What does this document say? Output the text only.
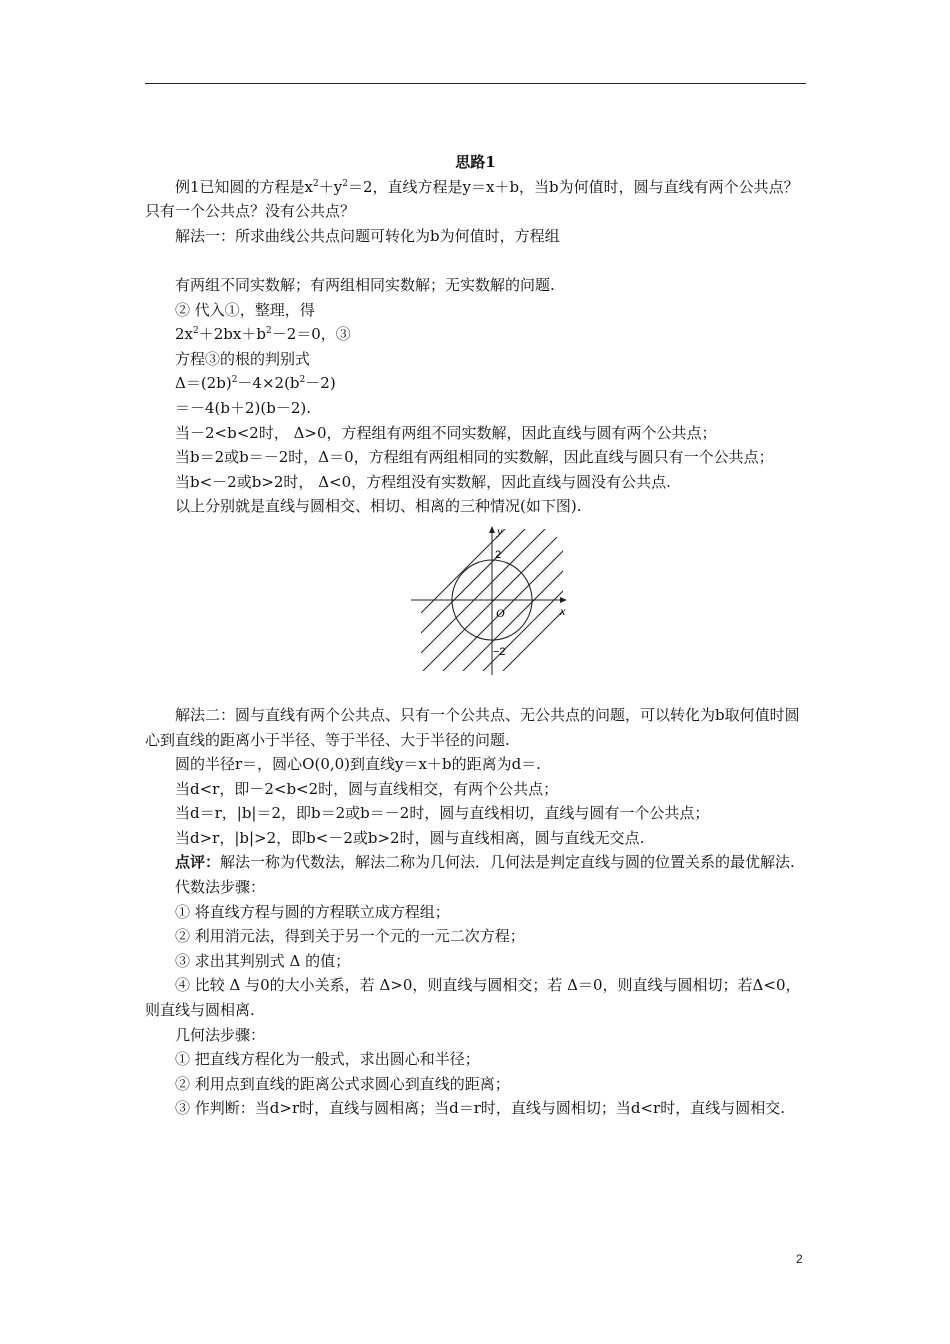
思路1

例1已知圆的方程是$x^2+y^2=2$，直线方程是y＝x＋b，当b为何值时，圆与直线有两个公共点？只有一个公共点？没有公共点？

解法一：所求曲线公共点问题可转化为b为何值时，方程组

有两组不同实数解；有两组相同实数解；无实数解的问题.

② 代入①，整理，得

$2x^2+2bx+b^2-2=0$，③

方程③的根的判别式

$\Delta=(2b)^2-4\times 2(b^2-2)$

＝－4(b＋2)(b－2).

当－2<b<2时， Δ>0，方程组有两组不同实数解，因此直线与圆有两个公共点；

当b＝2或b＝－2时，Δ＝0，方程组有两组相同的实数解，因此直线与圆只有一个公共点；

当b<－2或b>2时， Δ<0，方程组没有实数解，因此直线与圆没有公共点.

以上分别就是直线与圆相交、相切、相离的三种情况(如下图).

y
x
O
2
−2

解法二：圆与直线有两个公共点、只有一个公共点、无公共点的问题，可以转化为b取何值时圆心到直线的距离小于半径、等于半径、大于半径的问题.

圆的半径r＝，圆心O(0,0)到直线y＝x＋b的距离为d＝.

当d<r，即－2<b<2时，圆与直线相交，有两个公共点；

当d＝r，|b|＝2，即b＝2或b＝－2时，圆与直线相切，直线与圆有一个公共点；

当d>r，|b|>2，即b<－2或b>2时，圆与直线相离，圆与直线无交点.

点评：解法一称为代数法，解法二称为几何法．几何法是判定直线与圆的位置关系的最优解法.

代数法步骤：

① 将直线方程与圆的方程联立成方程组；

② 利用消元法，得到关于另一个元的一元二次方程；

③ 求出其判别式 Δ 的值；

④ 比较 Δ 与0的大小关系，若 Δ>0，则直线与圆相交；若 Δ＝0，则直线与圆相切；若Δ<0，则直线与圆相离.

几何法步骤：

① 把直线方程化为一般式，求出圆心和半径；

② 利用点到直线的距离公式求圆心到直线的距离；

③ 作判断：当d>r时，直线与圆相离；当d＝r时，直线与圆相切；当d<r时，直线与圆相交.

2
